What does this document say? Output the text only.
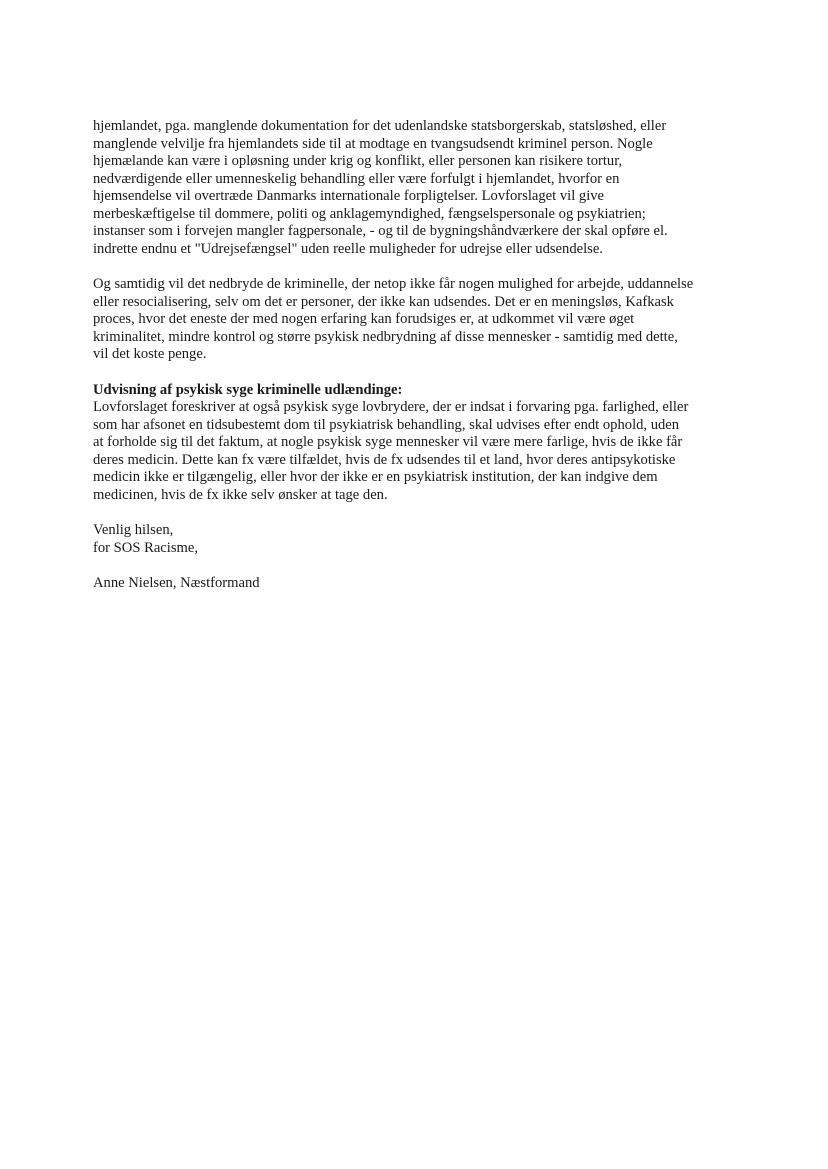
hjemlandet, pga. manglende dokumentation for det udenlandske statsborgerskab, statsløshed, eller
manglende velvilje fra hjemlandets side til at modtage en tvangsudsendt kriminel person. Nogle
hjemælande kan være i opløsning under krig og konflikt, eller personen kan risikere tortur,
nedværdigende eller umenneskelig behandling eller være forfulgt i hjemlandet, hvorfor en
hjemsendelse vil overtræde Danmarks internationale forpligtelser. Lovforslaget vil give
merbeskæftigelse til dommere, politi og anklagemyndighed, fængselspersonale og psykiatrien;
instanser som i forvejen mangler fagpersonale, - og til de bygningshåndværkere der skal opføre el.
indrette endnu et "Udrejsefængsel" uden reelle muligheder for udrejse eller udsendelse.
Og samtidig vil det nedbryde de kriminelle, der netop ikke får nogen mulighed for arbejde, uddannelse
eller resocialisering, selv om det er personer, der ikke kan udsendes. Det er en meningsløs, Kafkask
proces, hvor det eneste der med nogen erfaring kan forudsiges er, at udkommet vil være øget
kriminalitet, mindre kontrol og større psykisk nedbrydning af disse mennesker - samtidig med dette,
vil det koste penge.
Udvisning af psykisk syge kriminelle udlændinge:
Lovforslaget foreskriver at også psykisk syge lovbrydere, der er indsat i forvaring pga. farlighed, eller
som har afsonet en tidsubestemt dom til psykiatrisk behandling, skal udvises efter endt ophold, uden
at forholde sig til det faktum, at nogle psykisk syge mennesker vil være mere farlige, hvis de ikke får
deres medicin. Dette kan fx være tilfældet, hvis de fx udsendes til et land, hvor deres antipsykotiske
medicin ikke er tilgængelig, eller hvor der ikke er en psykiatrisk institution, der kan indgive dem
medicinen, hvis de fx ikke selv ønsker at tage den.
Venlig hilsen,
for SOS Racisme,
Anne Nielsen, Næstformand
